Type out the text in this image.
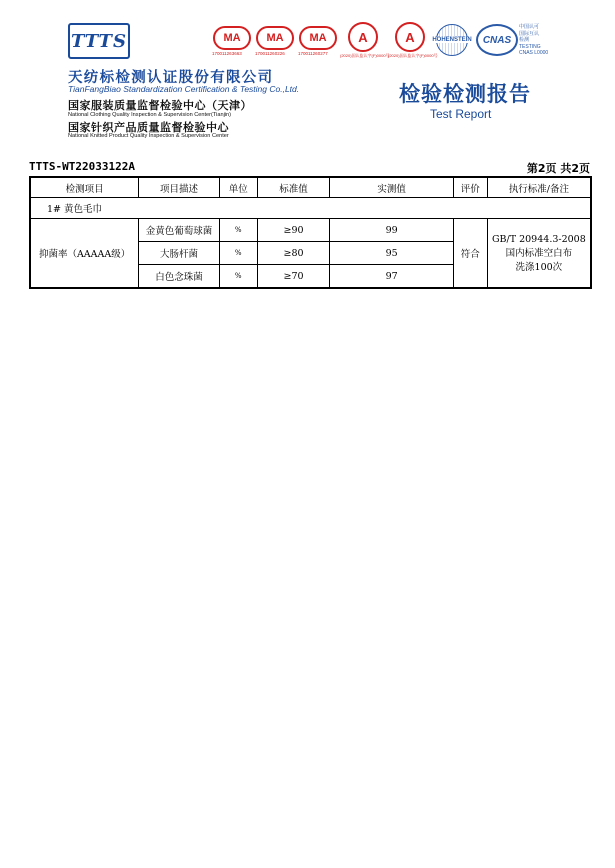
TTTS
天纺标检测认证股份有限公司
TianFangBiao Standardization Certification & Testing Co.,Ltd.
国家服装质量监督检验中心（天津）
National Clothing Quality Inspection & Supervision Center(Tianjin)
国家针织产品质量监督检验中心
National Knitted Product Quality Inspection & Supervision Center
MA
170011263663
MA
170011260226
MA
170011260277
A
(2020)国认监认字(F)0000号
A
(2020)国认监认字(F)0000号
HOHENSTEIN CNAS
中国认可
国际互认
检测
TESTING
CNAS L0000
检验检测报告
Test Report
TTTS-WT22033122A	第2页 共2页
检测项目	项目描述	单位	标准值	实测值	评价	执行标准/备注
1# 黄色毛巾						
抑菌率（AAAAA级）	金黄色葡萄球菌	%	≥90	99	符合	GB/T 20944.3-2008
国内标准空白布
洗涤100次

	大肠杆菌	%	≥80	95		
	白色念珠菌	%	≥70	97		
